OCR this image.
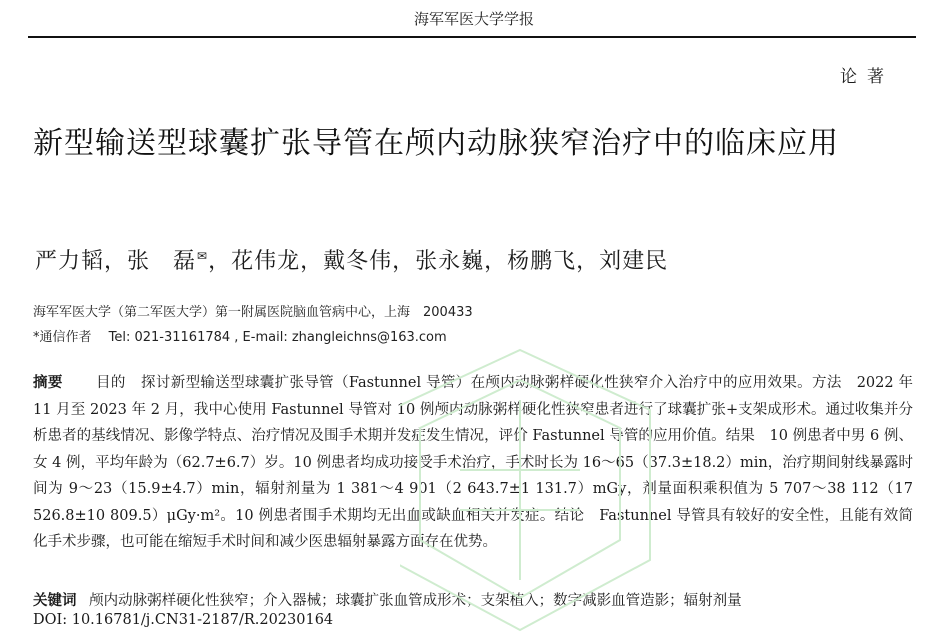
海军军医大学学报
论著
新型输送型球囊扩张导管在颅内动脉狭窄治疗中的临床应用
严力韬，张　磊✉，花伟龙，戴冬伟，张永巍，杨鹏飞，刘建民
海军军医大学（第二军医大学）第一附属医院脑血管病中心，上海　200433
*通信作者　 Tel: 021-31161784 , E-mail: zhangleichns@163.com
摘要 目的 探讨新型输送型球囊扩张导管（Fastunnel 导管）在颅内动脉粥样硬化性狭窄介入治疗中的应用效果。方法 2022 年 11 月至 2023 年 2 月，我中心使用 Fastunnel 导管对 10 例颅内动脉粥样硬化性狭窄患者进行了球囊扩张+支架成形术。通过收集并分析患者的基线情况、影像学特点、治疗情况及围手术期并发症发生情况，评价 Fastunnel 导管的应用价值。结果 10 例患者中男 6 例、女 4 例，平均年龄为（62.7±6.7）岁。10 例患者均成功接受手术治疗，手术时长为 16～65（37.3±18.2）min，治疗期间射线暴露时间为 9～23（15.9±4.7）min，辐射剂量为 1 381～4 901（2 643.7±1 131.7）mGy，剂量面积乘积值为 5 707～38 112（17 526.8±10 809.5）μGy·m²。10 例患者围手术期均无出血或缺血相关并发症。结论 Fastunnel 导管具有较好的安全性，且能有效简化手术步骤，也可能在缩短手术时间和减少医患辐射暴露方面存在优势。
关键词 颅内动脉粥样硬化性狭窄；介入器械；球囊扩张血管成形术；支架植入；数字减影血管造影；辐射剂量
DOI: 10.16781/j.CN31-2187/R.20230164
